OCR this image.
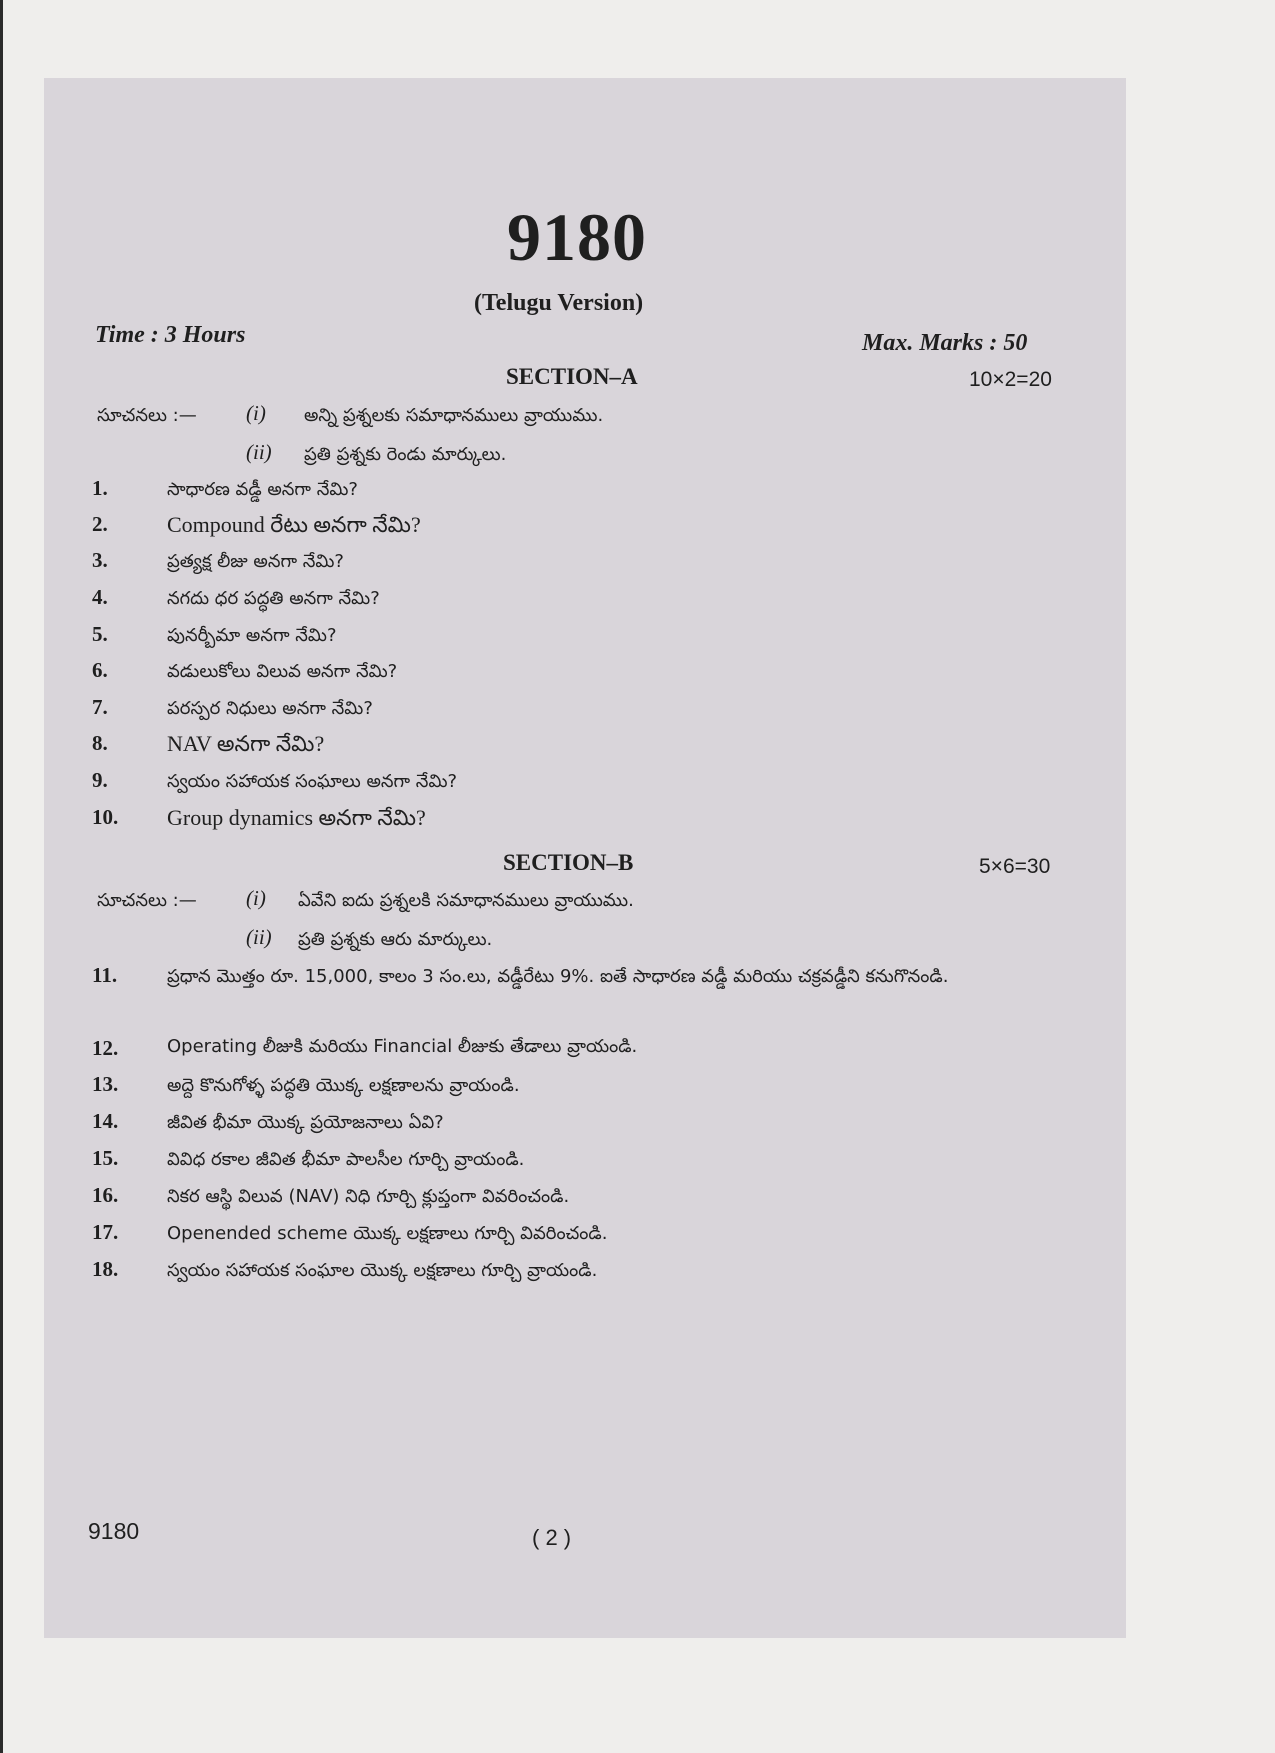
9180
(Telugu Version)
Time : 3 Hours	Max. Marks : 50
SECTION–A	10×2=20
సూచనలు :— (i) అన్ని ప్రశ్నలకు సమాధానములు వ్రాయుము.
(ii) ప్రతి ప్రశ్నకు రెండు మార్కులు.
1.	సాధారణ వడ్డీ అనగా నేమి?
2.	Compound రేటు అనగా నేమి?
3.	ప్రత్యక్ష లీజు అనగా నేమి?
4.	నగదు ధర పద్ధతి అనగా నేమి?
5.	పునర్బీమా అనగా నేమి?
6.	వడులుకోలు విలువ అనగా నేమి?
7.	పరస్పర నిధులు అనగా నేమి?
8.	NAV అనగా నేమి?
9.	స్వయం సహాయక సంఘాలు అనగా నేమి?
10. Group dynamics అనగా నేమి?
SECTION–B	5×6=30
సూచనలు :— (i) ఏవేని ఐదు ప్రశ్నలకి సమాధానములు వ్రాయుము.
(ii) ప్రతి ప్రశ్నకు ఆరు మార్కులు.
11.	ప్రధాన మొత్తం రూ. 15,000, కాలం 3 సం.లు, వడ్డీరేటు 9%. ఐతే సాధారణ వడ్డీ మరియు చక్రవడ్డీని కనుగొనండి.
12.	Operating లీజుకి మరియు Financial లీజుకు తేడాలు వ్రాయండి.
13.	అద్దె కొనుగోళ్ళ పద్ధతి యొక్క లక్షణాలను వ్రాయండి.
14.	జీవిత భీమా యొక్క ప్రయోజనాలు ఏవి?
15.	వివిధ రకాల జీవిత భీమా పాలసీల గూర్చి వ్రాయండి.
16.	నికర ఆస్థి విలువ (NAV) నిధి గూర్చి క్లుప్తంగా వివరించండి.
17.	Openended scheme యొక్క లక్షణాలు గూర్చి వివరించండి.
18.	స్వయం సహాయక సంఘాల యొక్క లక్షణాలు గూర్చి వ్రాయండి.
9180	( 2 )
